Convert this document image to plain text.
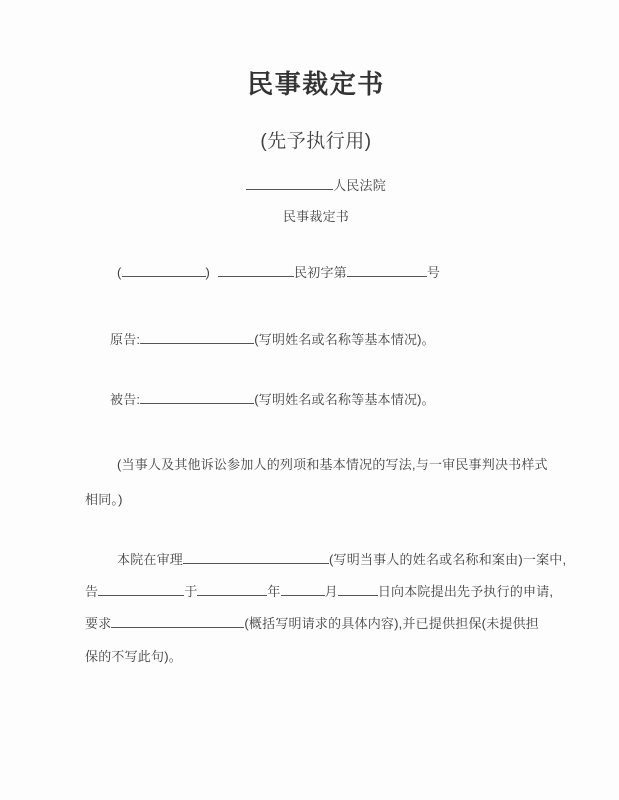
民事裁定书
(先予执行用)
人民法院
民事裁定书
(	)	民初字第	号
原告:	(写明姓名或名称等基本情况)。
被告:	(写明姓名或名称等基本情况)。
(当事人及其他诉讼参加人的列项和基本情况的写法,与一审民事判决书样式
相同。)
本院在审理	(写明当事人的姓名或名称和案由)一案中,
告	于	年	月	日向本院提出先予执行的申请,
要求	(概括写明请求的具体内容),并已提供担保(未提供担
保的不写此句)。
